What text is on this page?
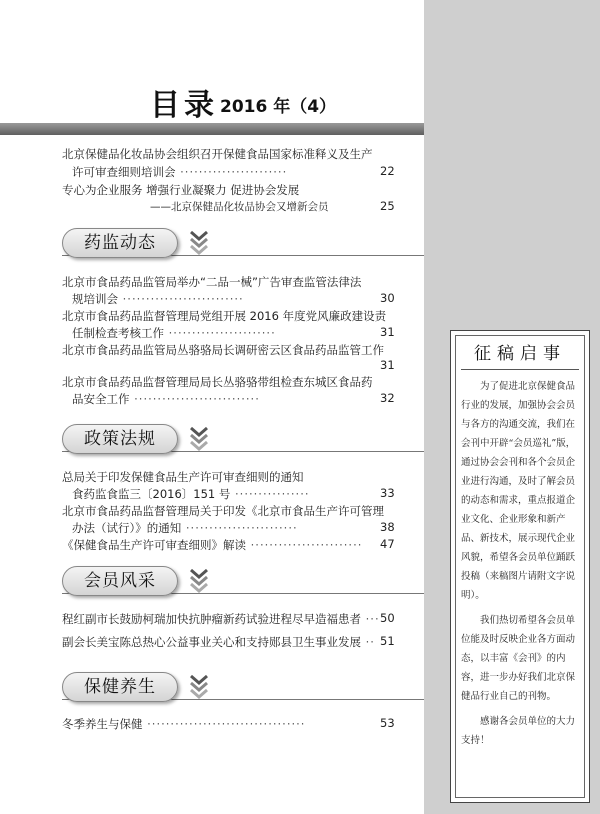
征稿启事

为了促进北京保健食品行业的发展，加强协会会员与各方的沟通交流，我们在会刊中开辟“会员巡礼”版，通过协会会刊和各个会员企业进行沟通，及时了解会员的动态和需求，重点报道企业文化、企业形象和新产品、新技术，展示现代企业风貌，希望各会员单位踊跃投稿（来稿图片请附文字说明）。

我们热切希望各会员单位能及时反映企业各方面动态，以丰富《会刊》的内容，进一步办好我们北京保健品行业自己的刊物。

感谢各会员单位的大力支持！

目录 2016 年（4）
北京保健品化妆品协会组织召开保健食品国家标准释义及生产
许可审查细则培训会 ·······················	22
专心为企业服务 增强行业凝聚力 促进协会发展
——北京保健品化妆品协会又增新会员	25
药监动态
北京市食品药品监管局举办“二品一械”广告审查监管法律法
规培训会 ··························	30
北京市食品药品监督管理局党组开展 2016 年度党风廉政建设责
任制检查考核工作 ·······················	31
北京市食品药品监管局丛骆骆局长调研密云区食品药品监管工作
31
北京市食品药品监督管理局局长丛骆骆带组检查东城区食品药
品安全工作 ···························	32
政策法规
总局关于印发保健食品生产许可审查细则的通知
食药监食监三〔2016〕151 号 ················	33
北京市食品药品监督管理局关于印发《北京市食品生产许可管理
办法（试行）》的通知 ························	38
《保健食品生产许可审查细则》解读 ························ 47
会员风采
程红副市长鼓励柯瑞加快抗肿瘤新药试验进程尽早造福患者 ··· 50
副会长美宝陈总热心公益事业关心和支持郧县卫生事业发展 ·· 51
保健养生
冬季养生与保健 ··································	53
